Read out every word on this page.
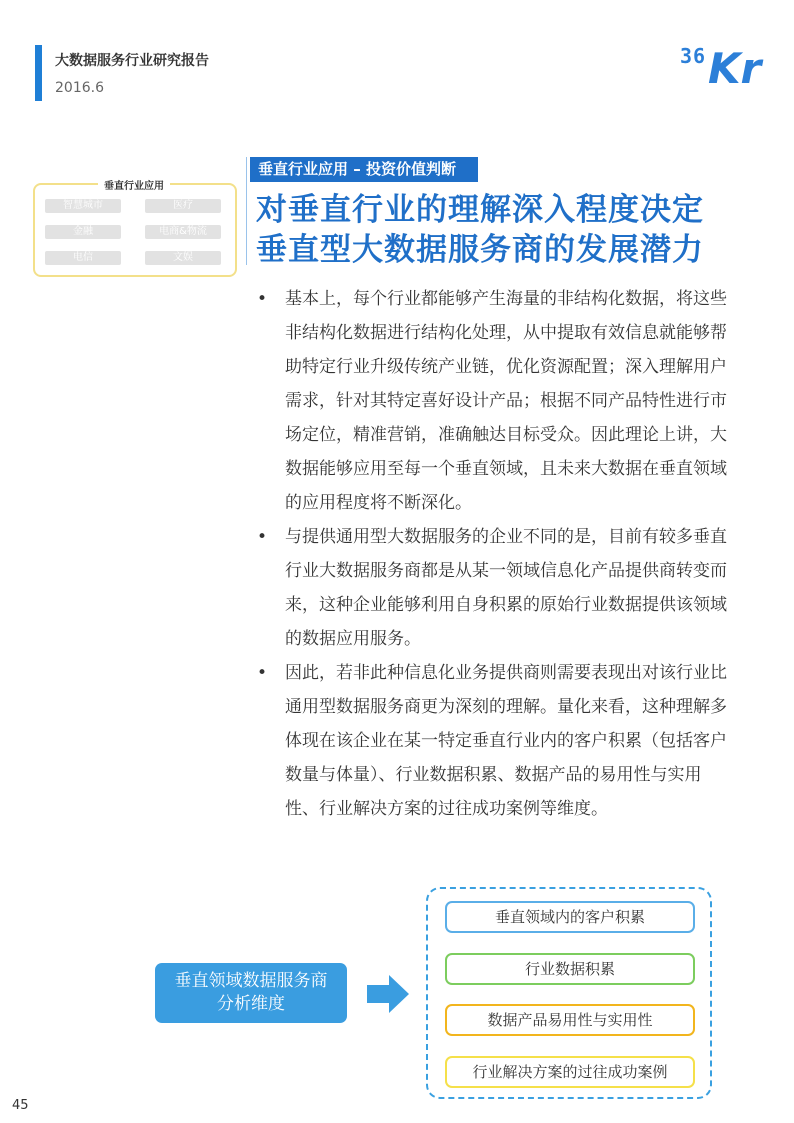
大数据服务行业研究报告
2016.6
36 Kr
垂直行业应用
智慧城市	医疗
金融	电商&物流
电信	文娱
垂直行业应用 – 投资价值判断
对垂直行业的理解深入程度决定
垂直型大数据服务商的发展潜力

• 基本上，每个行业都能够产生海量的非结构化数据，将这些非结构化数据进行结构化处理，从中提取有效信息就能够帮助特定行业升级传统产业链，优化资源配置；深入理解用户需求，针对其特定喜好设计产品；根据不同产品特性进行市场定位，精准营销，准确触达目标受众。因此理论上讲，大数据能够应用至每一个垂直领域，且未来大数据在垂直领域的应用程度将不断深化。

• 与提供通用型大数据服务的企业不同的是，目前有较多垂直行业大数据服务商都是从某一领域信息化产品提供商转变而来，这种企业能够利用自身积累的原始行业数据提供该领域的数据应用服务。

• 因此，若非此种信息化业务提供商则需要表现出对该行业比通用型数据服务商更为深刻的理解。量化来看，这种理解多体现在该企业在某一特定垂直行业内的客户积累（包括客户数量与体量）、行业数据积累、数据产品的易用性与实用性、行业解决方案的过往成功案例等维度。

垂直领域数据服务商
分析维度
垂直领域内的客户积累
行业数据积累
数据产品易用性与实用性
行业解决方案的过往成功案例
45
